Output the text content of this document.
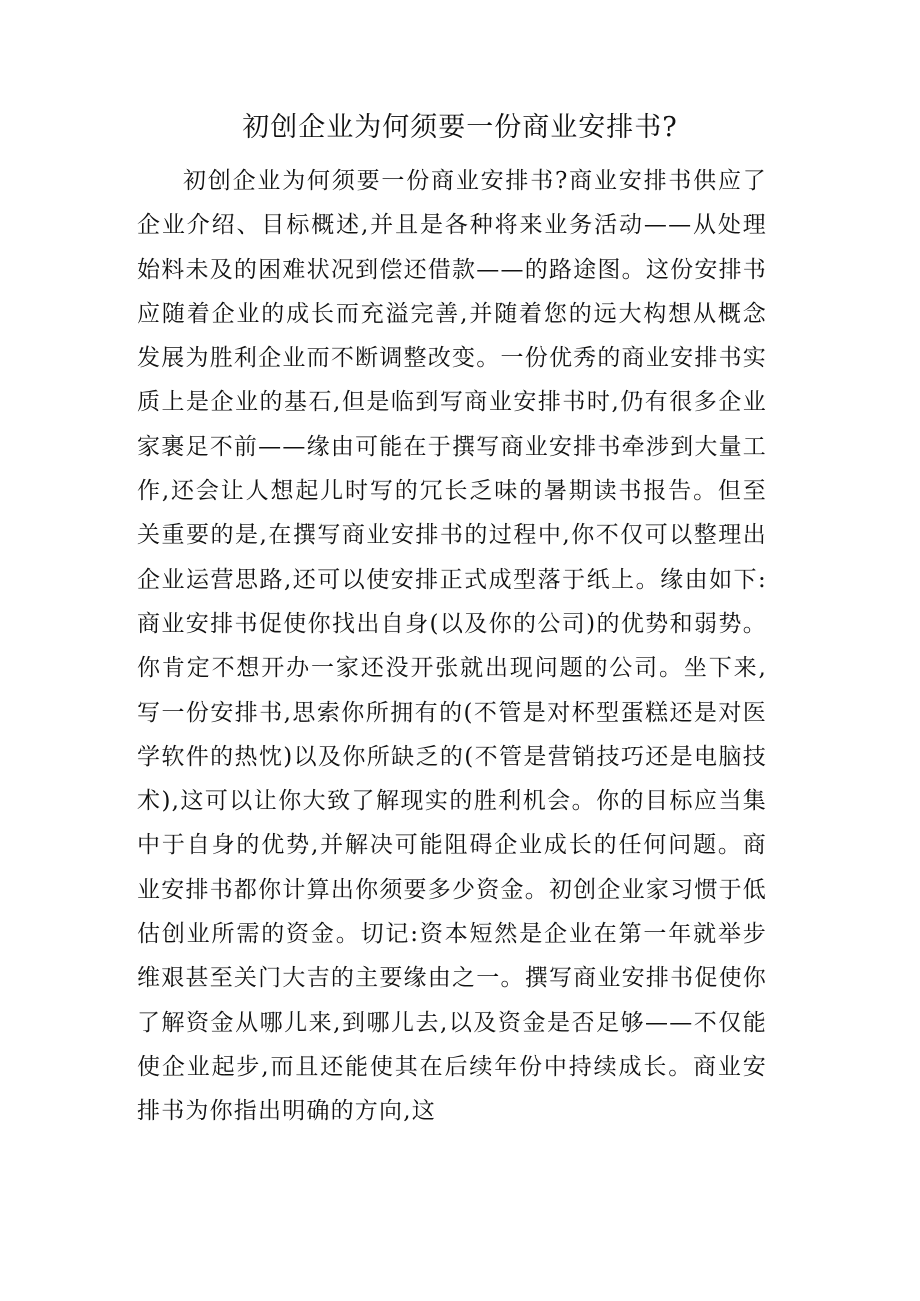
初创企业为何须要一份商业安排书?

初创企业为何须要一份商业安排书?商业安排书供应了企业介绍、目标概述,并且是各种将来业务活动——从处理始料未及的困难状况到偿还借款——的路途图。这份安排书应随着企业的成长而充溢完善,并随着您的远大构想从概念发展为胜利企业而不断调整改变。一份优秀的商业安排书实质上是企业的基石,但是临到写商业安排书时,仍有很多企业家裹足不前——缘由可能在于撰写商业安排书牵涉到大量工作,还会让人想起儿时写的冗长乏味的暑期读书报告。但至关重要的是,在撰写商业安排书的过程中,你不仅可以整理出企业运营思路,还可以使安排正式成型落于纸上。缘由如下:商业安排书促使你找出自身(以及你的公司)的优势和弱势。你肯定不想开办一家还没开张就出现问题的公司。坐下来,写一份安排书,思索你所拥有的(不管是对杯型蛋糕还是对医学软件的热忱)以及你所缺乏的(不管是营销技巧还是电脑技术),这可以让你大致了解现实的胜利机会。你的目标应当集中于自身的优势,并解决可能阻碍企业成长的任何问题。商业安排书都你计算出你须要多少资金。初创企业家习惯于低估创业所需的资金。切记:资本短然是企业在第一年就举步维艰甚至关门大吉的主要缘由之一。撰写商业安排书促使你了解资金从哪儿来,到哪儿去,以及资金是否足够——不仅能使企业起步,而且还能使其在后续年份中持续成长。商业安排书为你指出明确的方向,这
